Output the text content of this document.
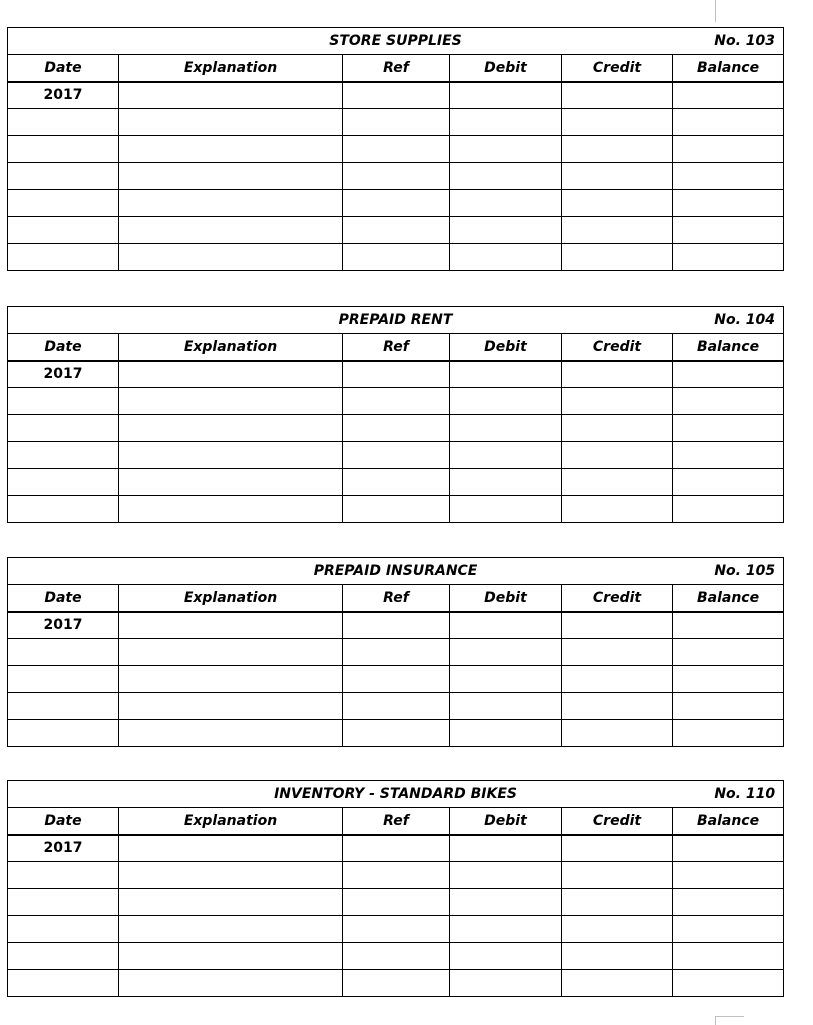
STORE SUPPLIES No. 103					

Date	Explanation	Ref	Debit	Credit	Balance
2017					

PREPAID RENT No. 104					

Date	Explanation	Ref	Debit	Credit	Balance
2017					

PREPAID INSURANCE No. 105					

Date	Explanation	Ref	Debit	Credit	Balance
2017					

INVENTORY - STANDARD BIKES No. 110					

Date	Explanation	Ref	Debit	Credit	Balance
2017					
